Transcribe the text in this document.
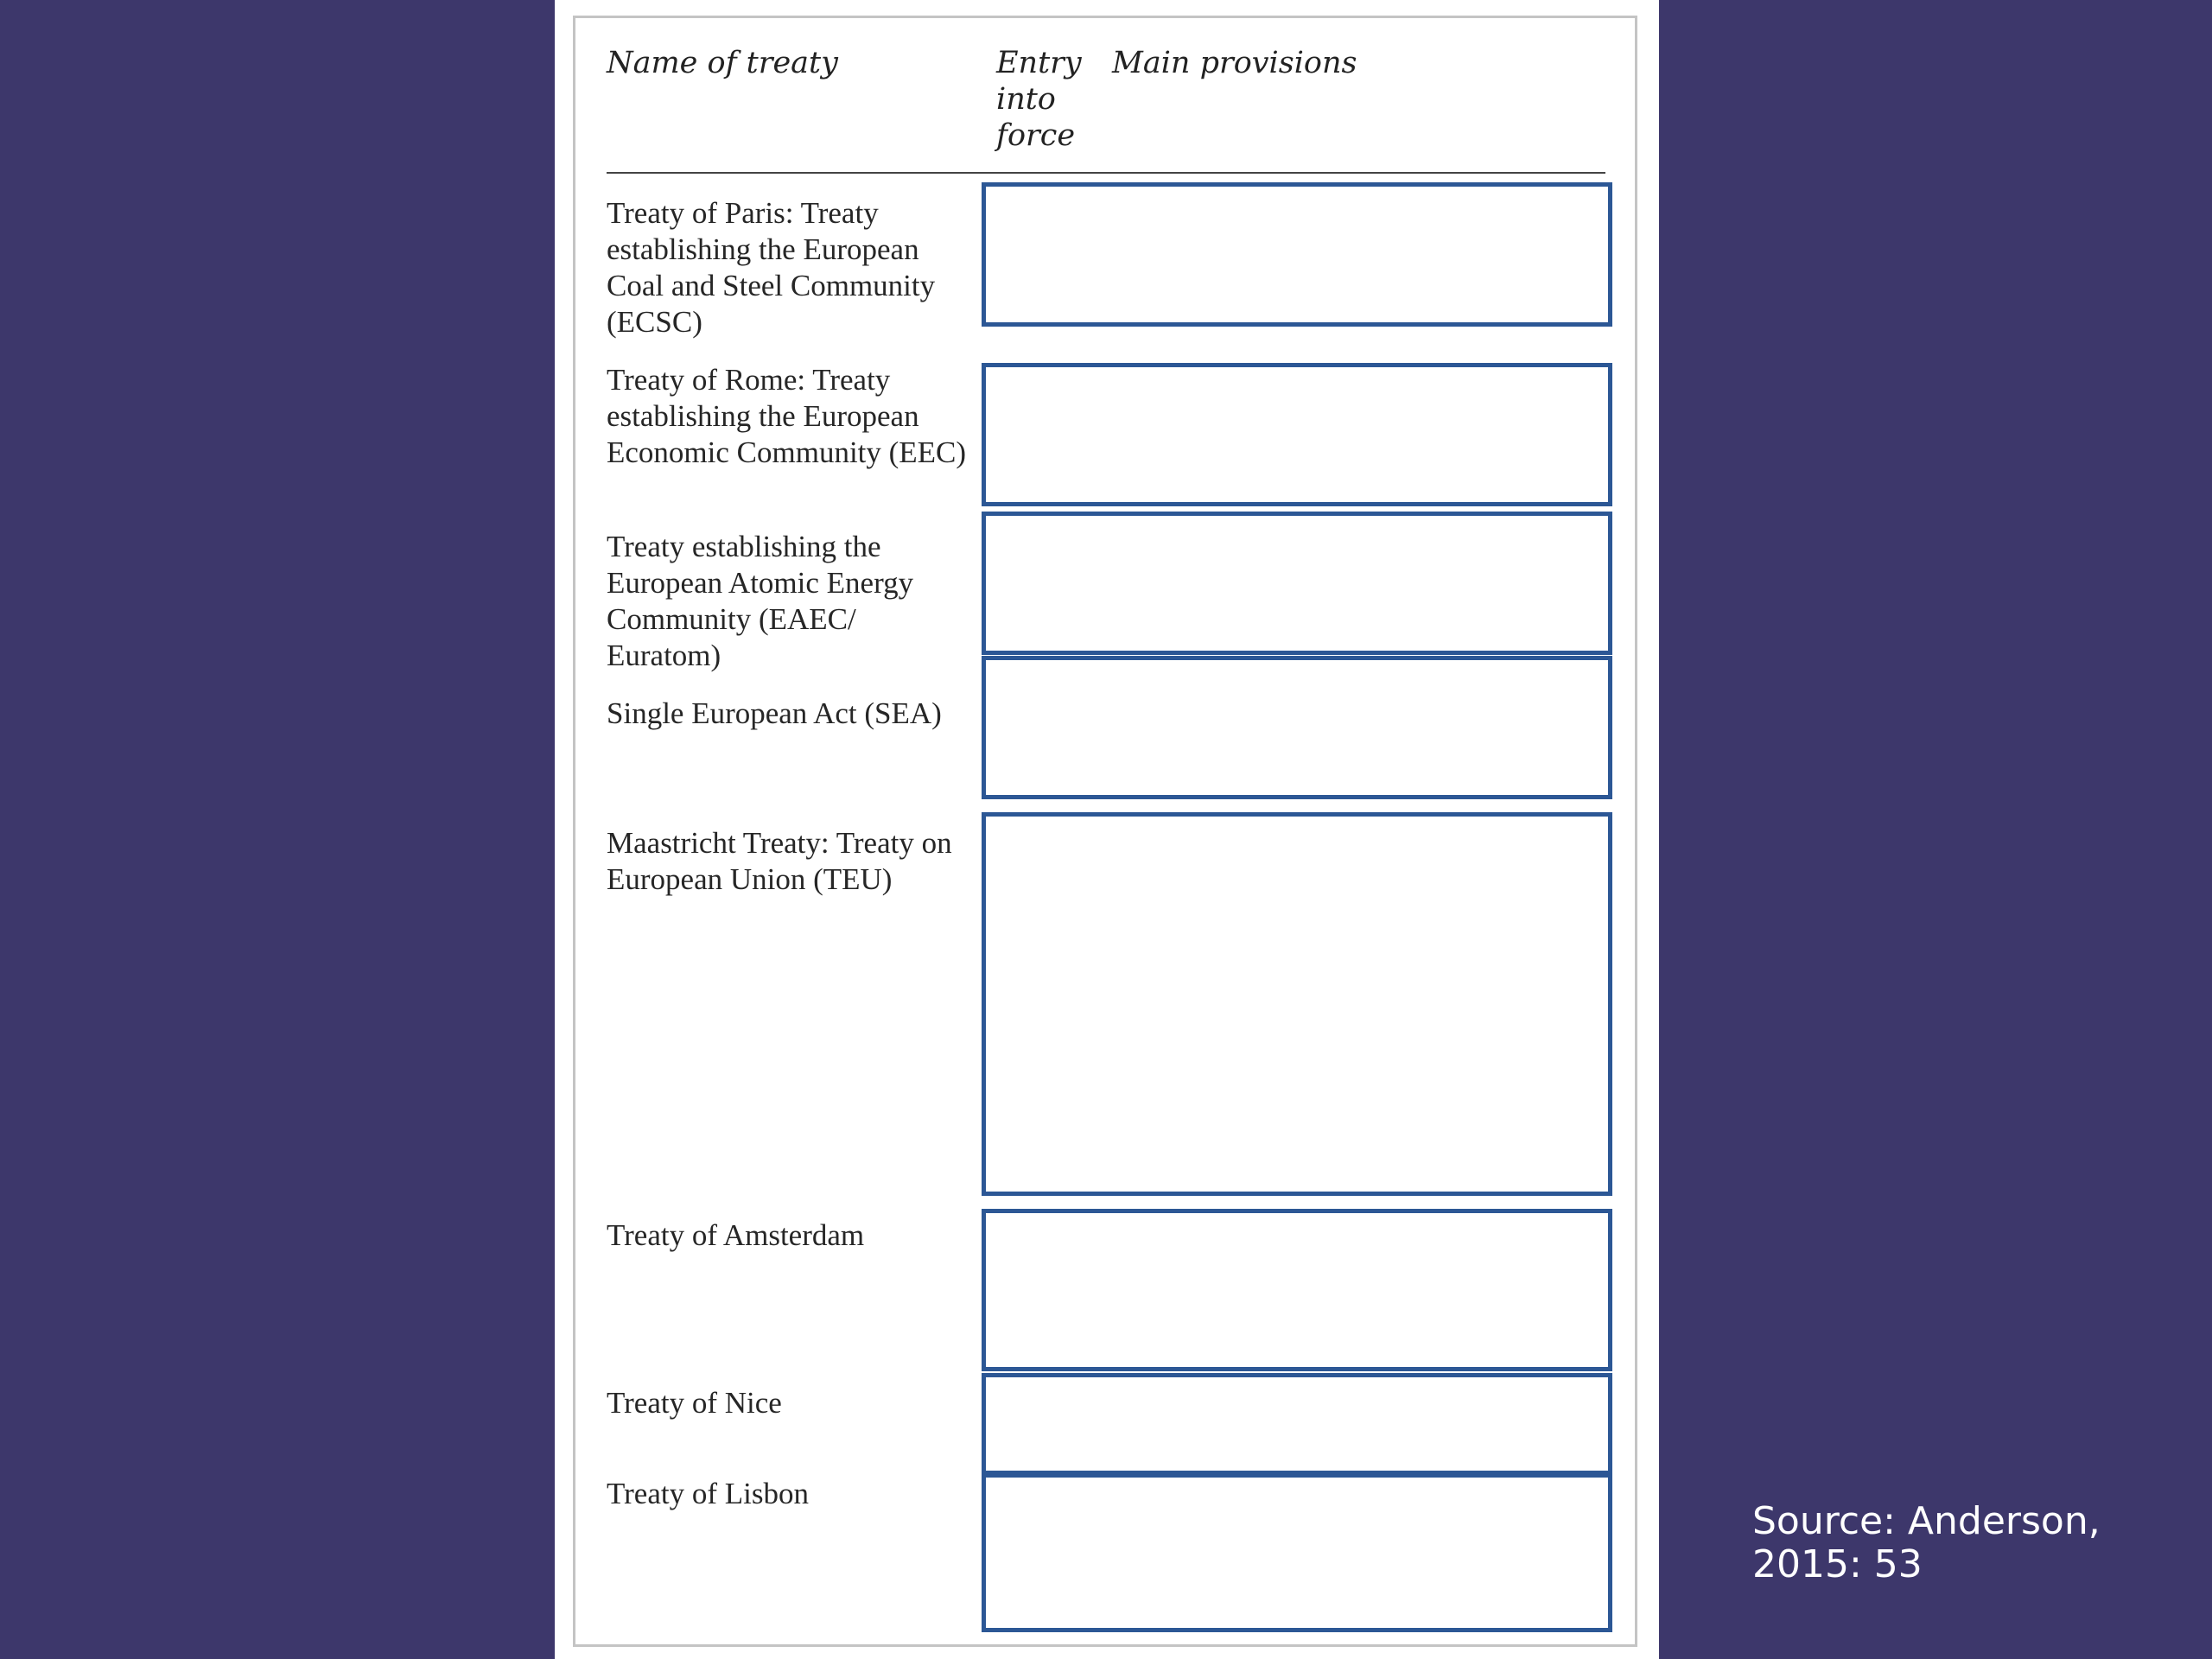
Name of treaty	Entry
into
force
Main provisions
Treaty of Paris: Treaty establishing the European Coal and Steel Community (ECSC)
Treaty of Rome: Treaty establishing the European Economic Community (EEC)
Treaty establishing the European Atomic Energy Community (EAEC/ Euratom)
Single European Act (SEA)
Maastricht Treaty: Treaty on European Union (TEU)
Treaty of Amsterdam
Treaty of Nice
Treaty of Lisbon
Source: Anderson, 2015: 53
